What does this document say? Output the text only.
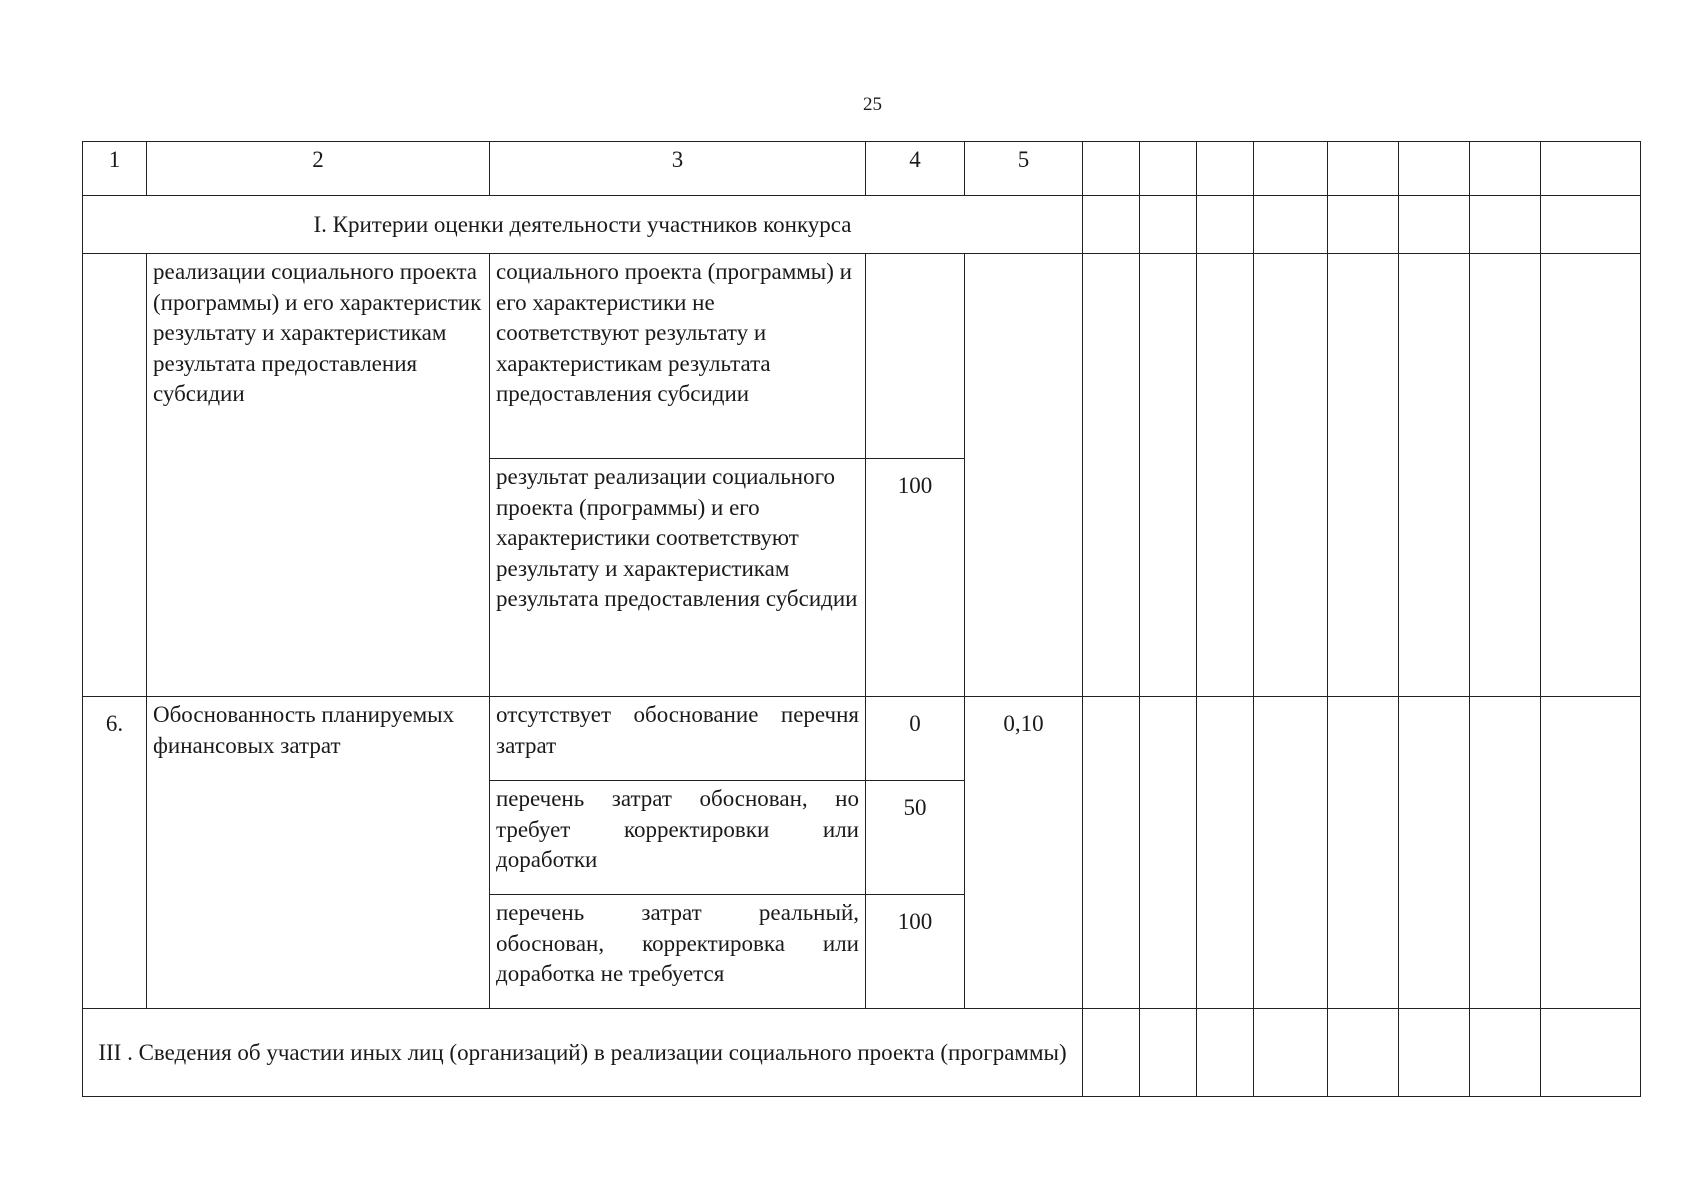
25
1	2	3	4	5								
I. Критерии оценки деятельности участников конкурса												
	реализации социального проекта (программы) и его характеристик результату и характеристикам результата предоставления субсидии	социального проекта (программы) и его характеристики не соответствуют результату и характеристикам результата предоставления субсидии										
		результат реализации социального проекта (программы) и его характеристики соответствуют результату и характеристикам результата предоставления субсидии	100									
6.	Обоснованность планируемых финансовых затрат	отсутствует обоснование перечня затрат	0	0,10								
		перечень затрат обоснован, но требует корректировки или доработки	50									
		перечень затрат реальный, обоснован, корректировка или доработка не требуется	100									
III . Сведения об участии иных лиц (организаций) в реализации социального проекта (программы)												
